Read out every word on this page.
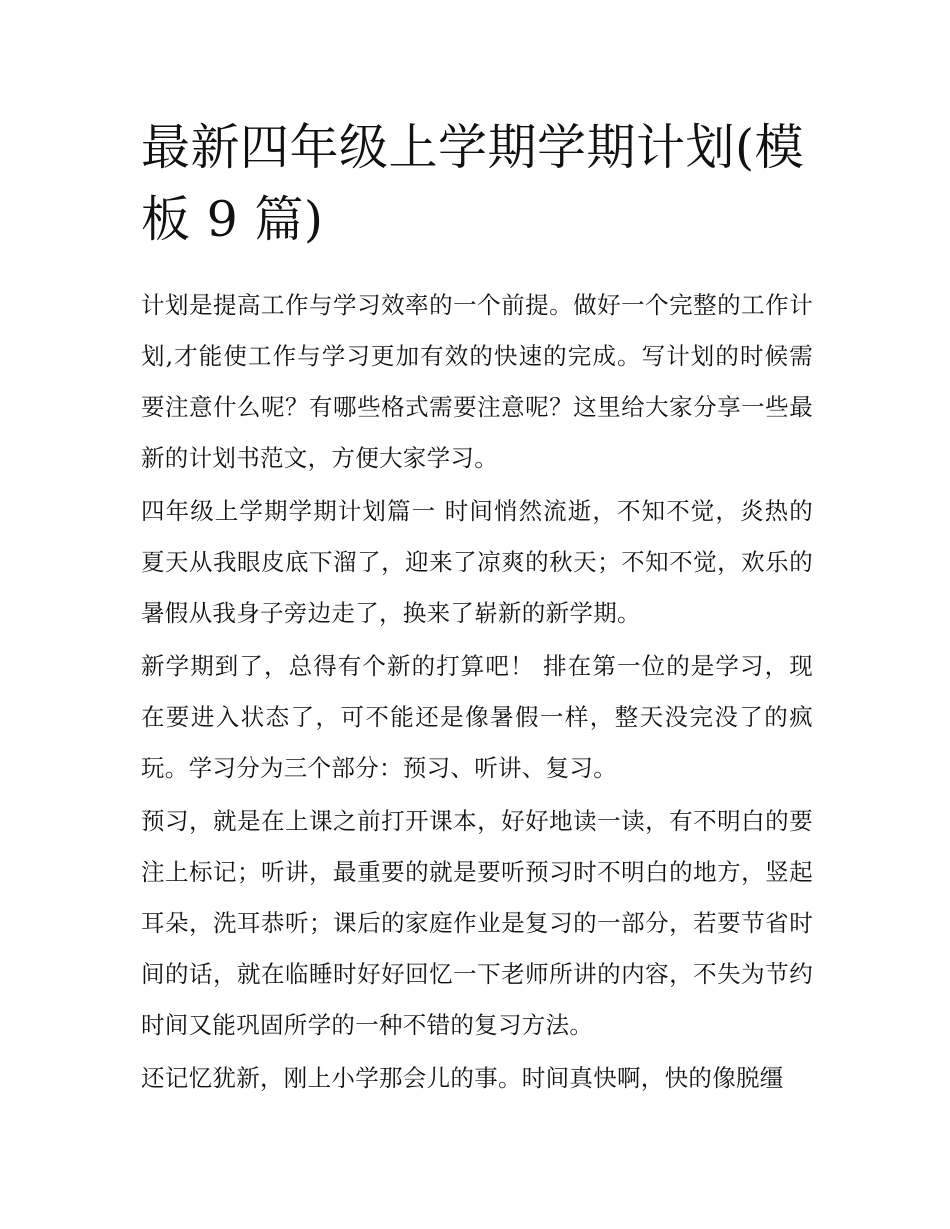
最新四年级上学期学期计划(模板 9 篇)

计划是提高工作与学习效率的一个前提。做好一个完整的工作计划,才能使工作与学习更加有效的快速的完成。写计划的时候需要注意什么呢？有哪些格式需要注意呢？这里给大家分享一些最新的计划书范文，方便大家学习。

四年级上学期学期计划篇一 时间悄然流逝，不知不觉，炎热的夏天从我眼皮底下溜了，迎来了凉爽的秋天；不知不觉，欢乐的暑假从我身子旁边走了，换来了崭新的新学期。

新学期到了，总得有个新的打算吧！ 排在第一位的是学习，现在要进入状态了，可不能还是像暑假一样，整天没完没了的疯玩。学习分为三个部分：预习、听讲、复习。

预习，就是在上课之前打开课本，好好地读一读，有不明白的要注上标记；听讲，最重要的就是要听预习时不明白的地方，竖起耳朵，洗耳恭听；课后的家庭作业是复习的一部分，若要节省时间的话，就在临睡时好好回忆一下老师所讲的内容，不失为节约时间又能巩固所学的一种不错的复习方法。

还记忆犹新，刚上小学那会儿的事。时间真快啊，快的像脱缰
